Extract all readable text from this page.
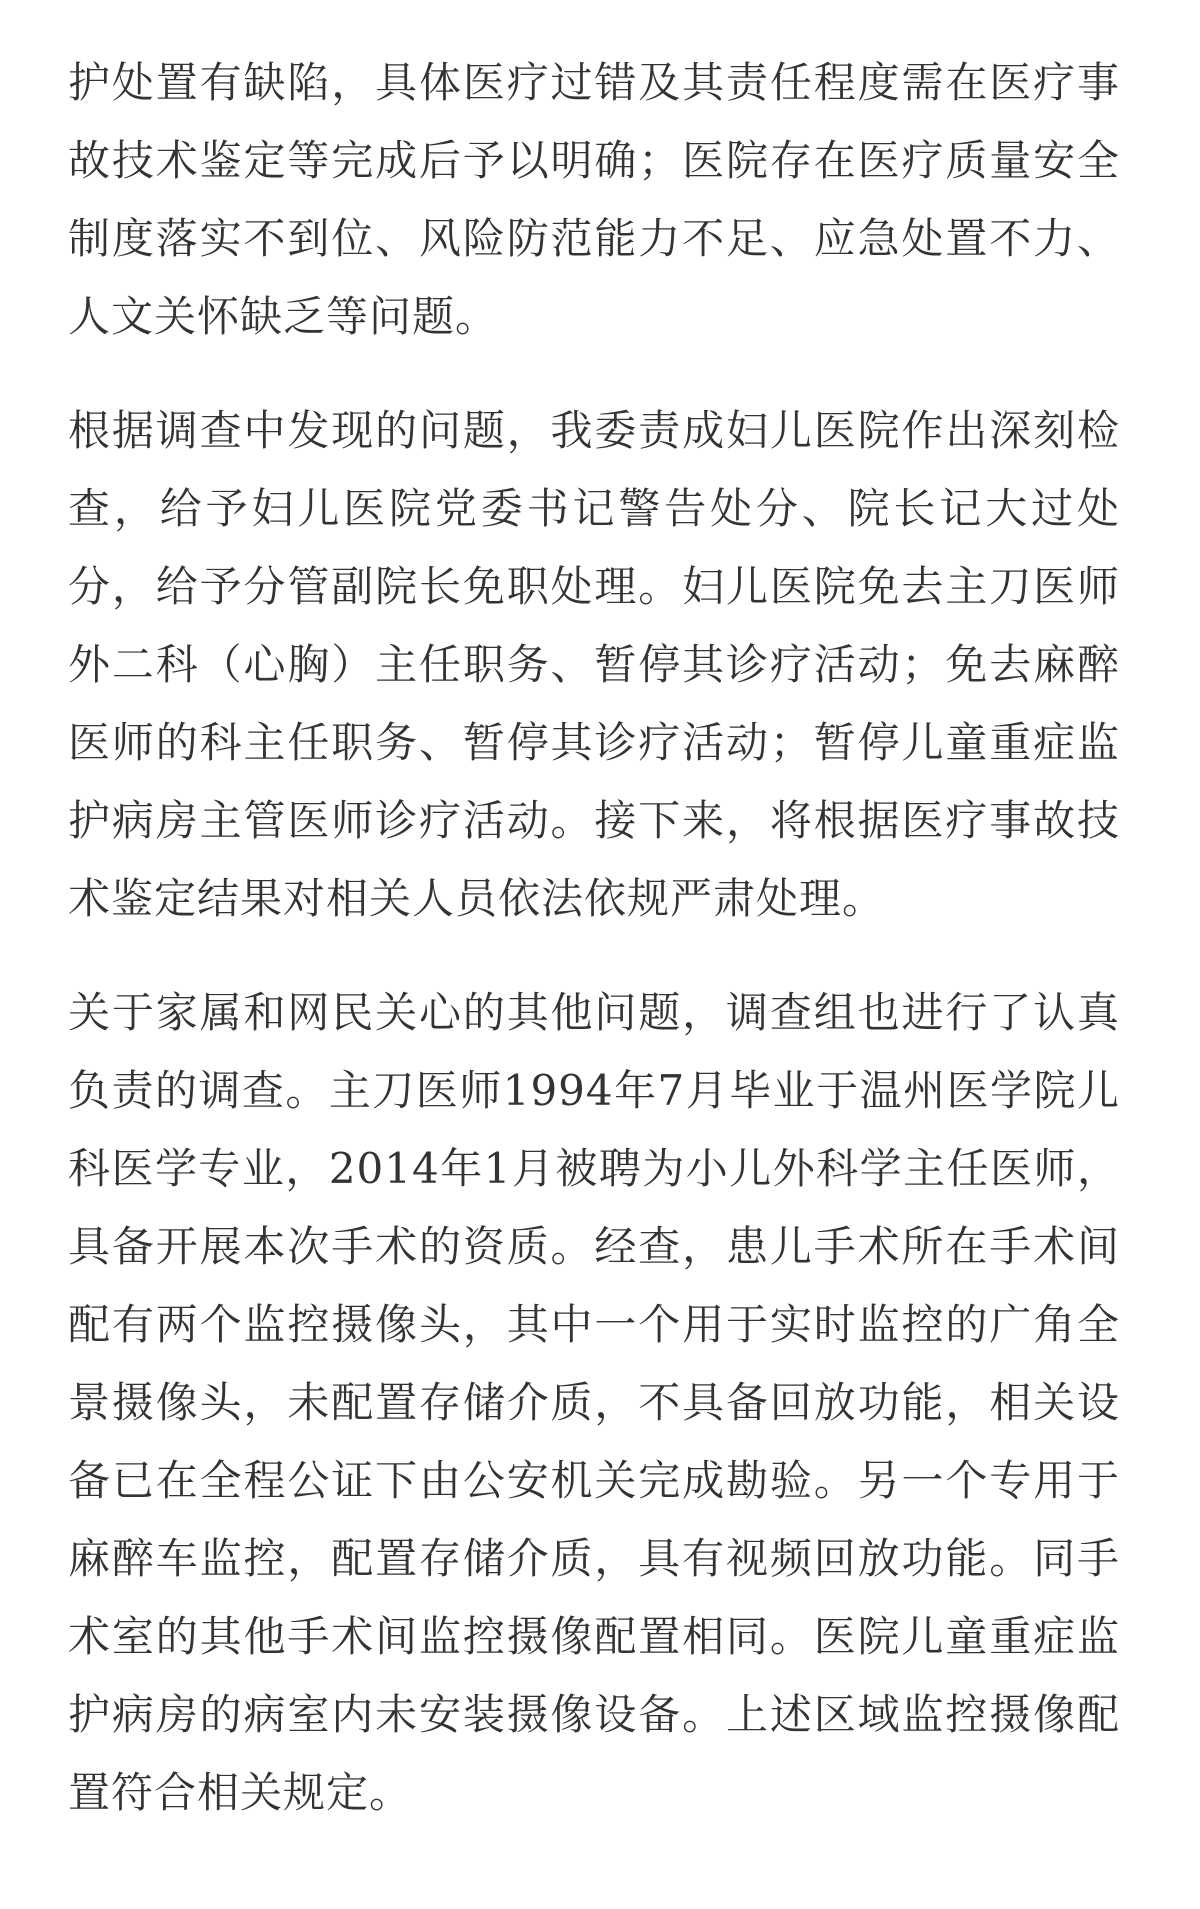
护处置有缺陷，具体医疗过错及其责任程度需在医疗事故技术鉴定等完成后予以明确；医院存在医疗质量安全制度落实不到位、风险防范能力不足、应急处置不力、人文关怀缺乏等问题。

根据调查中发现的问题，我委责成妇儿医院作出深刻检查，给予妇儿医院党委书记警告处分、院长记大过处分，给予分管副院长免职处理。妇儿医院免去主刀医师外二科（心胸）主任职务、暂停其诊疗活动；免去麻醉医师的科主任职务、暂停其诊疗活动；暂停儿童重症监护病房主管医师诊疗活动。接下来，将根据医疗事故技术鉴定结果对相关人员依法依规严肃处理。

关于家属和网民关心的其他问题，调查组也进行了认真负责的调查。主刀医师1994年7月毕业于温州医学院儿科医学专业，2014年1月被聘为小儿外科学主任医师，具备开展本次手术的资质。经查，患儿手术所在手术间配有两个监控摄像头，其中一个用于实时监控的广角全景摄像头，未配置存储介质，不具备回放功能，相关设备已在全程公证下由公安机关完成勘验。另一个专用于麻醉车监控，配置存储介质，具有视频回放功能。同手术室的其他手术间监控摄像配置相同。医院儿童重症监护病房的病室内未安装摄像设备。上述区域监控摄像配置符合相关规定。
